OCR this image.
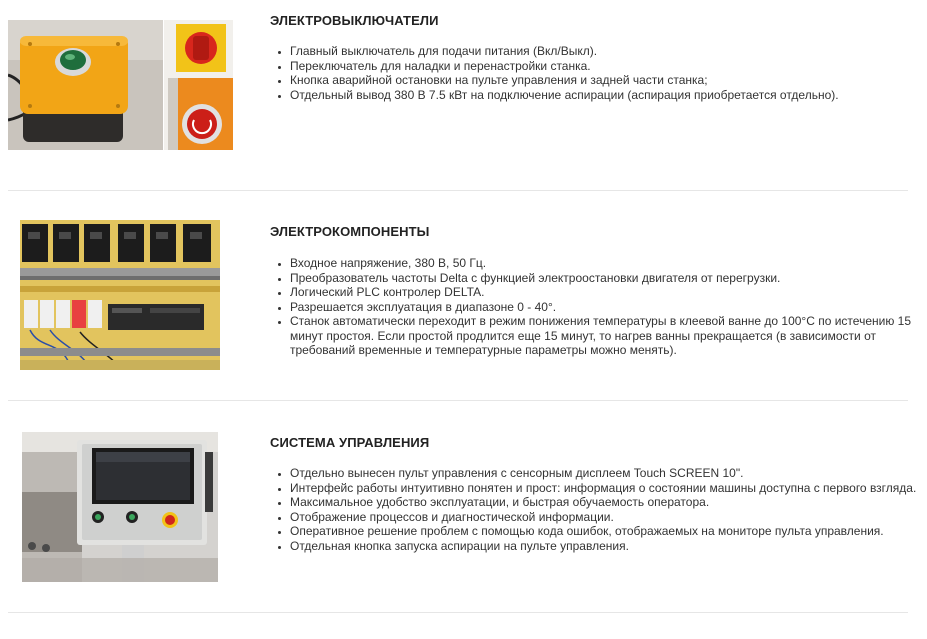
ЭЛЕКТРОВЫКЛЮЧАТЕЛИ
• Главный выключатель для подачи питания (Вкл/Выкл).
• Переключатель для наладки и перенастройки станка.
• Кнопка аварийной остановки на пульте управления и задней части станка;
• Отдельный вывод 380 В 7.5 кВт на подключение аспирации (аспирация приобретается отдельно).
ЭЛЕКТРОКОМПОНЕНТЫ
• Входное напряжение, 380 В, 50 Гц.
• Преобразователь частоты Delta с функцией электроостановки двигателя от перегрузки.
• Логический PLC контролер DELTA.
• Разрешается эксплуатация в диапазоне 0 - 40°.
• Станок автоматически переходит в режим понижения температуры в клеевой ванне до 100°С по истечению 15 минут простоя. Если простой продлится еще 15 минут, то нагрев ванны прекращается (в зависимости от требований временные и температурные параметры можно менять).
СИСТЕМА УПРАВЛЕНИЯ
• Отдельно вынесен пульт управления с сенсорным дисплеем Touch SCREEN 10".
• Интерфейс работы интуитивно понятен и прост: информация о состоянии машины доступна с первого взгляда.
• Максимальное удобство эксплуатации, и быстрая обучаемость оператора.
• Отображение процессов и диагностической информации.
• Оперативное решение проблем с помощью кода ошибок, отображаемых на мониторе пульта управления.
• Отдельная кнопка запуска аспирации на пульте управления.
